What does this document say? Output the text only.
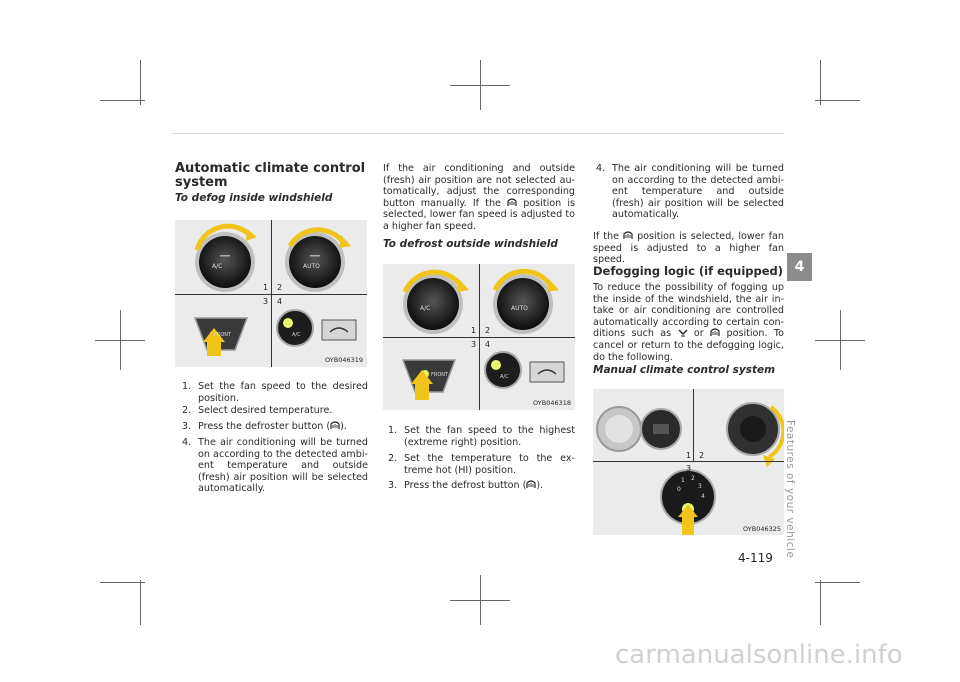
Automatic climate control
system
To defog inside windshield
A/C	AUTO
FRONT	A/C
1 2
3 4
OYB046319
1. Set the fan speed to the desired position.
2. Select desired temperature.
3. Press the defroster button ( ).
4. The air conditioning will be turned on according to the detected ambi- ent temperature and outside (fresh) air position will be selected automatically.
If the air conditioning and outside (fresh) air position are not selected au- tomatically, adjust the corresponding button manually. If the position is selected, lower fan speed is adjusted to a higher fan speed.
To defrost outside windshield
A/C	AUTO
FRONT	A/C
1 2
3 4
OYB046318
1. Set the fan speed to the highest (extreme right) position.
2. Set the temperature to the ex- treme hot (HI) position.
3. Press the defrost button ( ).
4. The air conditioning will be turned on according to the detected ambi- ent temperature and outside (fresh) air position will be selected automatically.
If the position is selected, lower fan speed is adjusted to a higher fan speed.
Defogging logic (if equipped)
To reduce the possibility of fogging up the inside of the windshield, the air in- take or air conditioning are controlled automatically according to certain con- ditions such as or position. To cancel or return to the defogging logic, do the following.
Manual climate control system
0
1 2
3
4
1 2
3
OYB046325
4
Features of your vehicle
4-119
carmanualsonline.info
